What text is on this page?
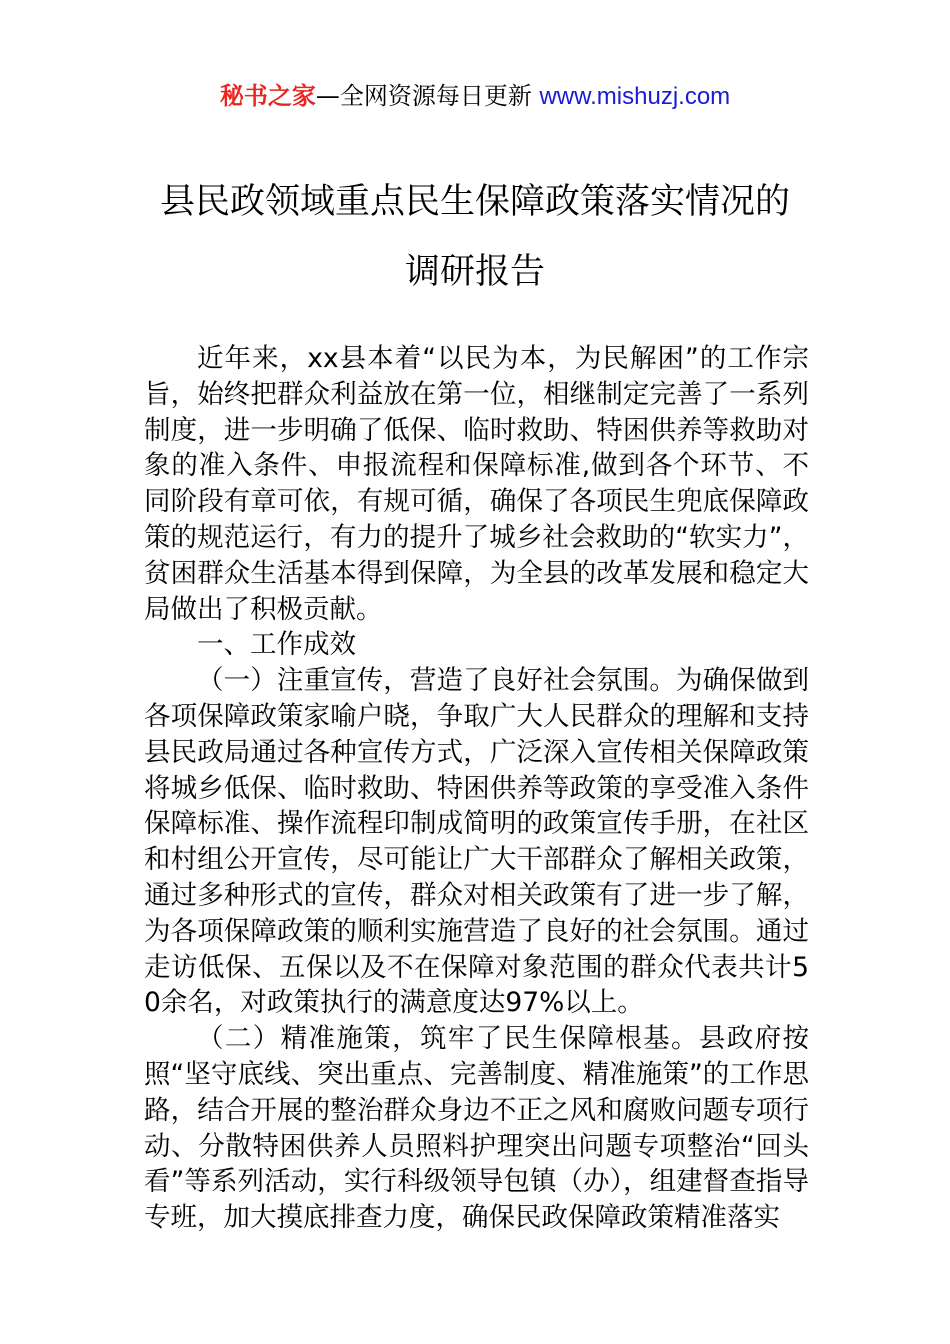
秘书之家—全网资源每日更新 www.mishuzj.com
县民政领域重点民生保障政策落实情况的
调研报告

近年来，xx县本着“以民为本，为民解困”的工作宗旨，始终把群众利益放在第一位，相继制定完善了一系列制度，进一步明确了低保、临时救助、特困供养等救助对象的准入条件、申报流程和保障标准,做到各个环节、不同阶段有章可依，有规可循，确保了各项民生兜底保障政策的规范运行，有力的提升了城乡社会救助的“软实力”，贫困群众生活基本得到保障，为全县的改革发展和稳定大局做出了积极贡献。

一、工作成效

（一）注重宣传，营造了良好社会氛围。为确保做到各项保障政策家喻户晓，争取广大人民群众的理解和支持县民政局通过各种宣传方式，广泛深入宣传相关保障政策将城乡低保、临时救助、特困供养等政策的享受准入条件保障标准、操作流程印制成简明的政策宣传手册，在社区和村组公开宣传，尽可能让广大干部群众了解相关政策，通过多种形式的宣传，群众对相关政策有了进一步了解，为各项保障政策的顺利实施营造了良好的社会氛围。通过走访低保、五保以及不在保障对象范围的群众代表共计50余名，对政策执行的满意度达97%以上。

（二）精准施策，筑牢了民生保障根基。县政府按照“坚守底线、突出重点、完善制度、精准施策”的工作思路，结合开展的整治群众身边不正之风和腐败问题专项行动、分散特困供养人员照料护理突出问题专项整治“回头看”等系列活动，实行科级领导包镇（办），组建督查指导专班，加大摸底排查力度，确保民政保障政策精准落实
